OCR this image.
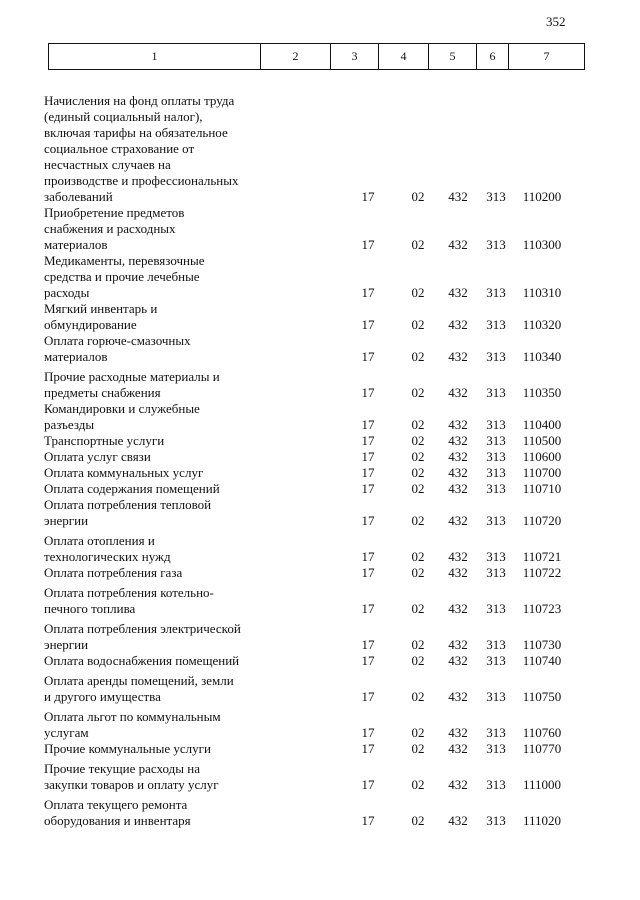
352
1	2	3	4	5	6	7
Начисления на фонд оплаты труда
(единый социальный налог),
включая тарифы на обязательное
социальное страхование от
несчастных случаев на
производстве и профессиональных
заболеваний	17	02	432	313	110200
Приобретение предметов
снабжения и расходных
материалов	17	02	432	313	110300
Медикаменты, перевязочные
средства и прочие лечебные
расходы	17	02	432	313	110310
Мягкий инвентарь и
обмундирование	17	02	432	313	110320
Оплата горюче-смазочных
материалов	17	02	432	313	110340
Прочие расходные материалы и
предметы снабжения	17	02	432	313	110350
Командировки и служебные
разъезды	17	02	432	313	110400
Транспортные услуги	17	02	432	313	110500
Оплата услуг связи	17	02	432	313	110600
Оплата коммунальных услуг	17	02	432	313	110700
Оплата содержания помещений	17	02	432	313	110710
Оплата потребления тепловой
энергии	17	02	432	313	110720
Оплата отопления и
технологических нужд	17	02	432	313	110721
Оплата потребления газа	17	02	432	313	110722
Оплата потребления котельно-
печного топлива	17	02	432	313	110723
Оплата потребления электрической
энергии	17	02	432	313	110730
Оплата водоснабжения помещений	17	02	432	313	110740
Оплата аренды помещений, земли
и другого имущества	17	02	432	313	110750
Оплата льгот по коммунальным
услугам	17	02	432	313	110760
Прочие коммунальные услуги	17	02	432	313	110770
Прочие текущие расходы на
закупки товаров и оплату услуг	17	02	432	313	111000
Оплата текущего ремонта
оборудования и инвентаря	17	02	432	313	111020
